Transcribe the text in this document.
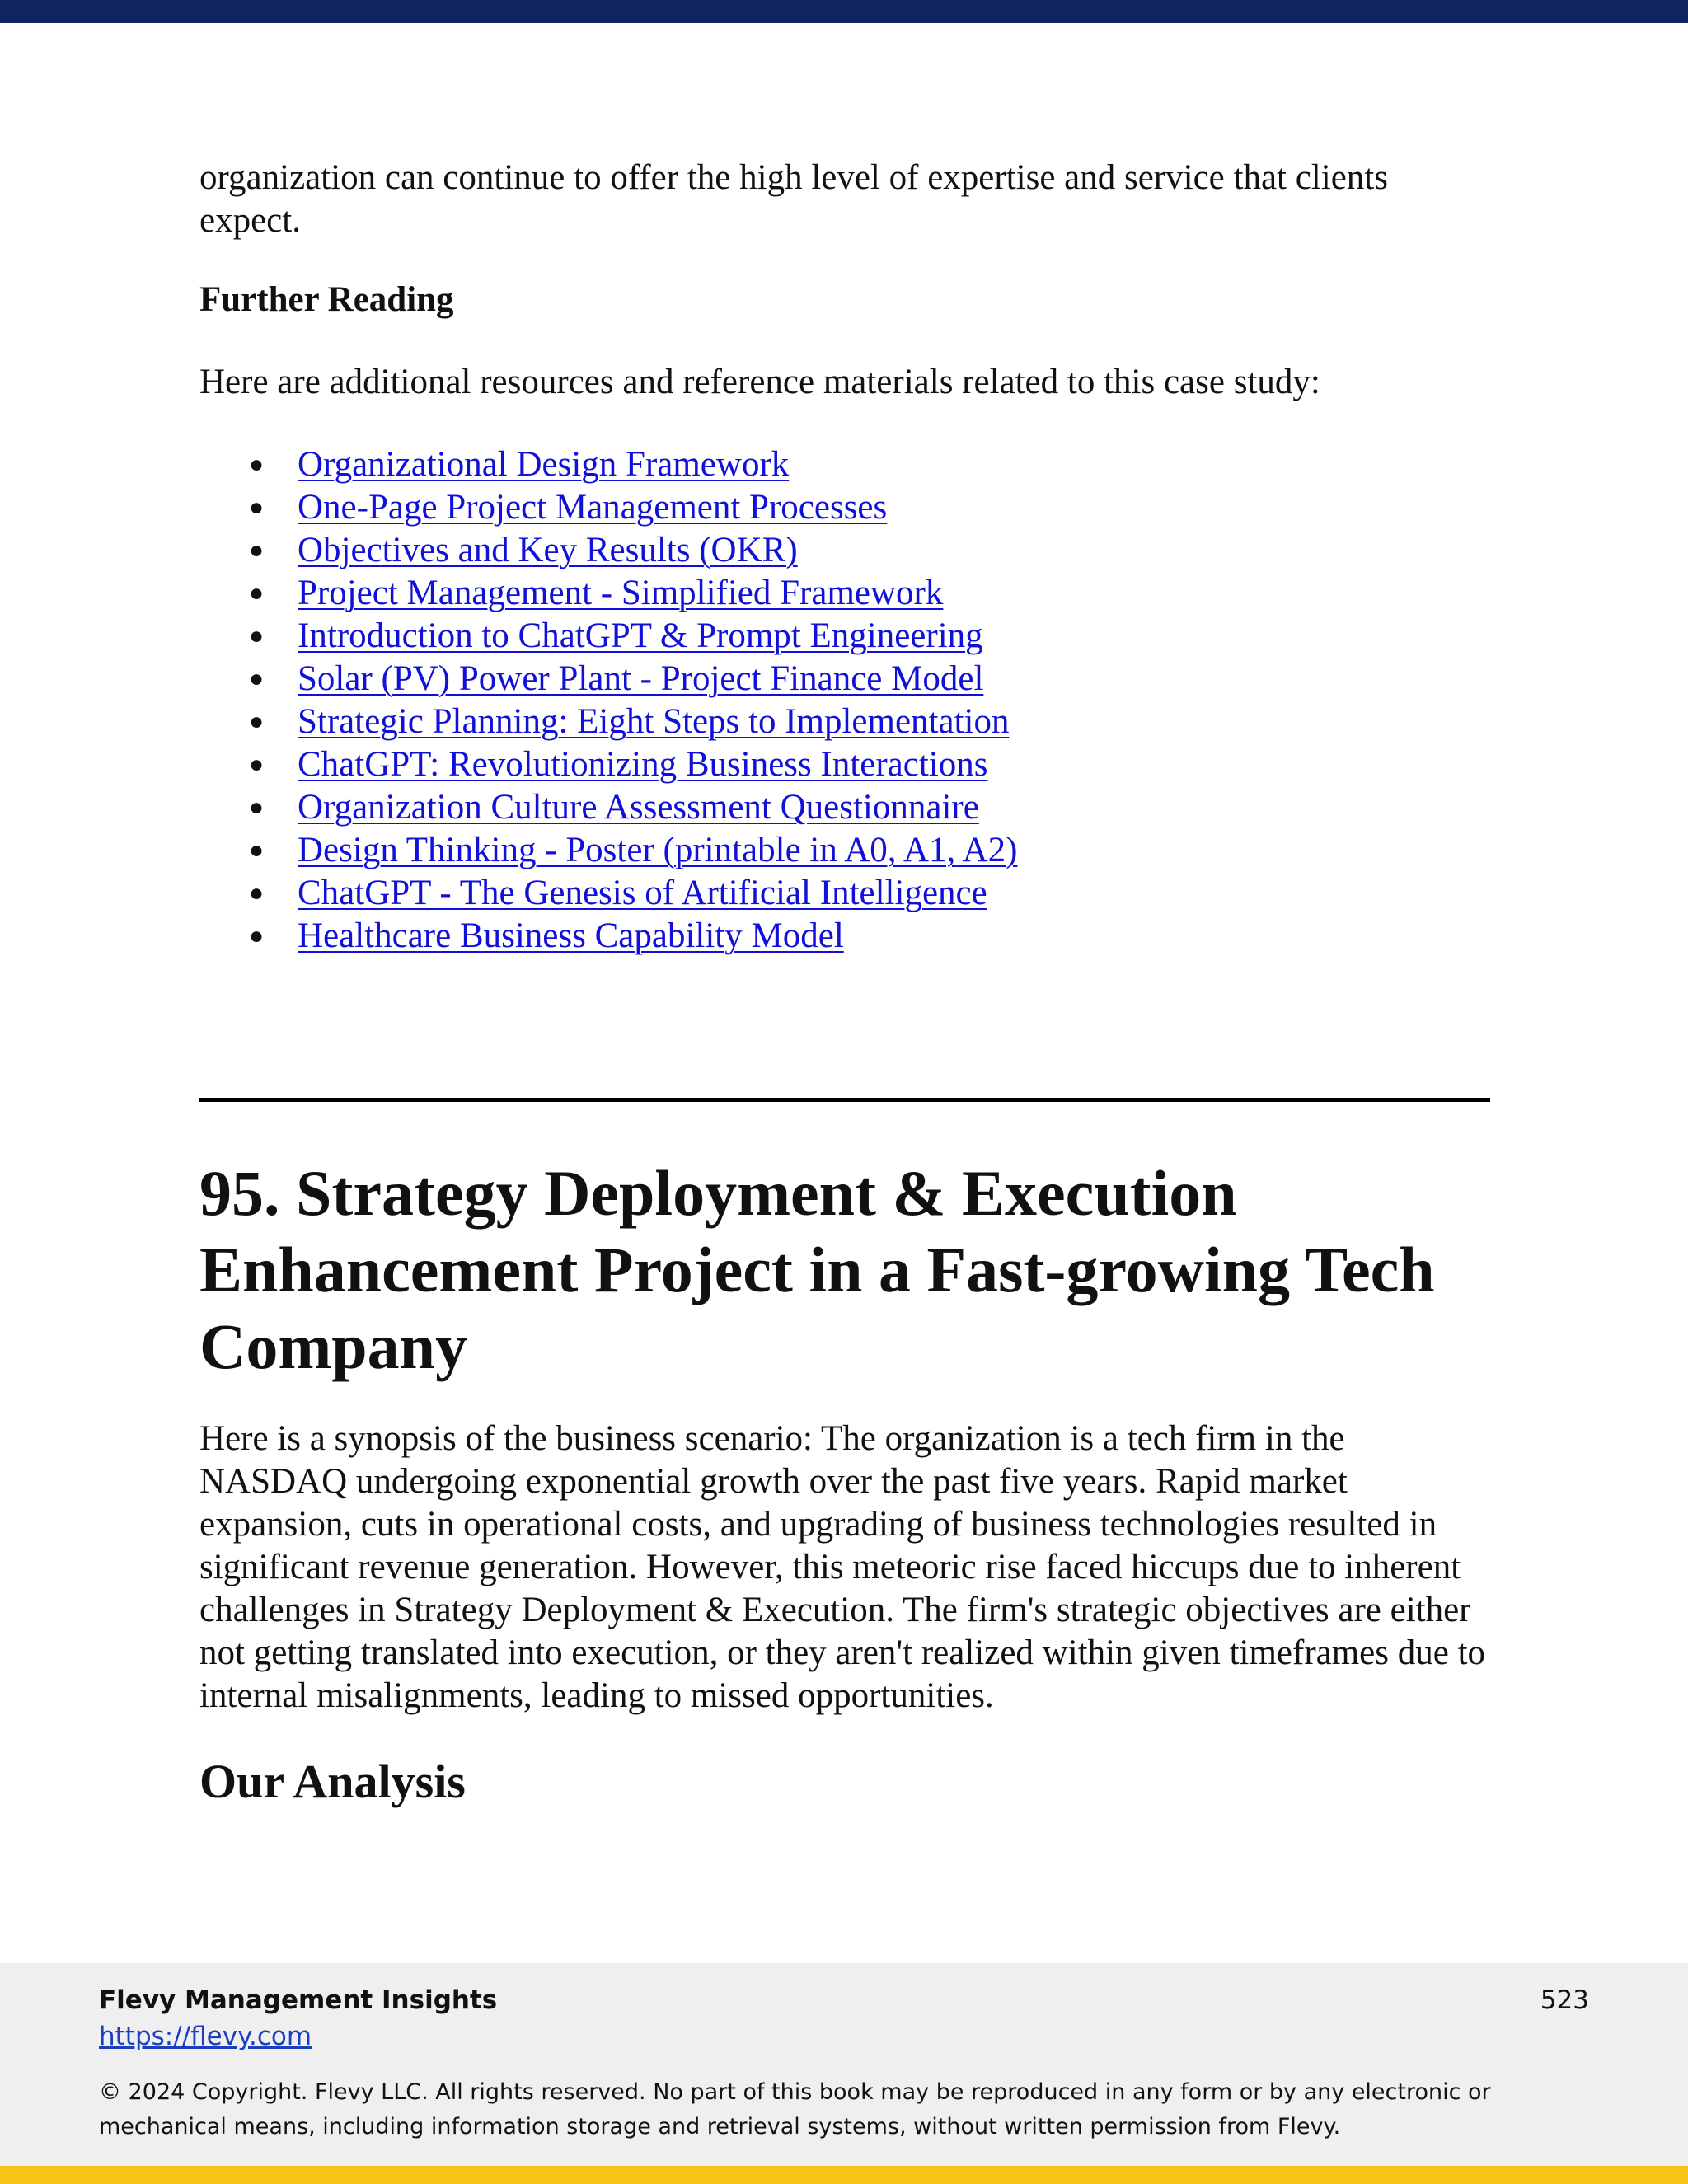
organization can continue to offer the high level of expertise and service that clients expect.

Further Reading

Here are additional resources and reference materials related to this case study:

● Organizational Design Framework
● One-Page Project Management Processes
● Objectives and Key Results (OKR)
● Project Management - Simplified Framework
● Introduction to ChatGPT & Prompt Engineering
● Solar (PV) Power Plant - Project Finance Model
● Strategic Planning: Eight Steps to Implementation
● ChatGPT: Revolutionizing Business Interactions
● Organization Culture Assessment Questionnaire
● Design Thinking - Poster (printable in A0, A1, A2)
● ChatGPT - The Genesis of Artificial Intelligence
● Healthcare Business Capability Model
95. Strategy Deployment & Execution Enhancement Project in a Fast-growing Tech Company

Here is a synopsis of the business scenario: The organization is a tech firm in the NASDAQ undergoing exponential growth over the past five years. Rapid market expansion, cuts in operational costs, and upgrading of business technologies resulted in significant revenue generation. However, this meteoric rise faced hiccups due to inherent challenges in Strategy Deployment & Execution. The firm's strategic objectives are either not getting translated into execution, or they aren't realized within given timeframes due to internal misalignments, leading to missed opportunities.

Our Analysis
Flevy Management Insights
https://flevy.com
523
© 2024 Copyright. Flevy LLC. All rights reserved. No part of this book may be reproduced in any form or by any electronic or mechanical means, including information storage and retrieval systems, without written permission from Flevy.
